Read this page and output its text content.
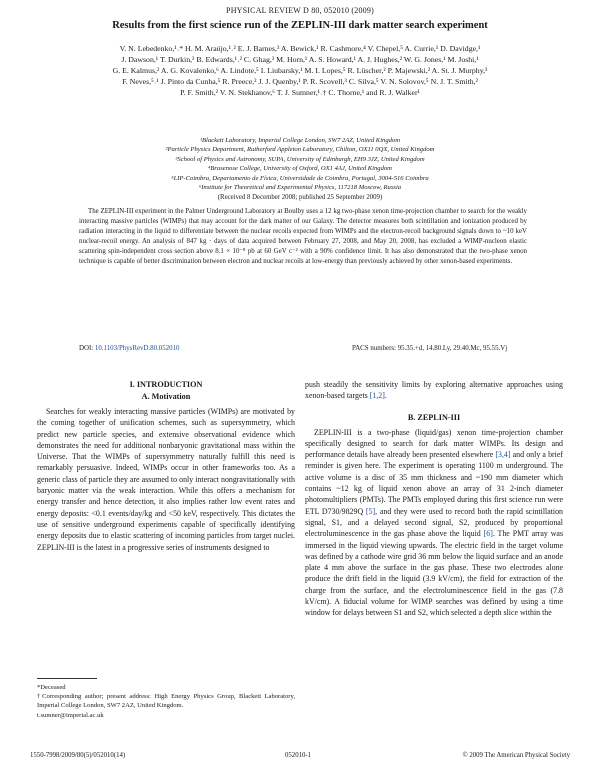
PHYSICAL REVIEW D 80, 052010 (2009)
Results from the first science run of the ZEPLIN-III dark matter search experiment
V. N. Lebedenko,¹˒* H. M. Araújo,¹˒² E. J. Barnes,³ A. Bewick,¹ R. Cashmore,⁴ V. Chepel,⁵ A. Currie,¹ D. Davidge,¹
J. Dawson,¹ T. Durkin,² B. Edwards,¹˒² C. Ghag,³ M. Horn,¹ A. S. Howard,¹ A. J. Hughes,² W. G. Jones,¹ M. Joshi,¹
G. E. Kalmus,² A. G. Kovalenko,⁶ A. Lindote,⁵ I. Liubarsky,¹ M. I. Lopes,⁵ R. Lüscher,² P. Majewski,² A. St. J. Murphy,³
F. Neves,⁵˒¹ J. Pinto da Cunha,⁵ R. Preece,² J. J. Quenby,¹ P. R. Scovell,³ C. Silva,⁵ V. N. Solovov,⁵ N. J. T. Smith,²
P. F. Smith,² V. N. Stekhanov,⁶ T. J. Sumner,¹˒† C. Thorne,¹ and R. J. Walker¹
¹Blackett Laboratory, Imperial College London, SW7 2AZ, United Kingdom
²Particle Physics Department, Rutherford Appleton Laboratory, Chilton, OX11 0QX, United Kingdom
³School of Physics and Astronomy, SUPA, University of Edinburgh, EH9 3JZ, United Kingdom
⁴Brasenose College, University of Oxford, OX1 4AJ, United Kingdom
⁵LIP-Coimbra, Departamento de Física, Universidade de Coimbra, Portugal, 3004-516 Coimbra
⁶Institute for Theoretical and Experimental Physics, 117218 Moscow, Russia
(Received 8 December 2008; published 25 September 2009)

The ZEPLIN-III experiment in the Palmer Underground Laboratory at Boulby uses a 12 kg two-phase xenon time-projection chamber to search for the weakly interacting massive particles (WIMPs) that may account for the dark matter of our Galaxy. The detector measures both scintillation and ionization produced by radiation interacting in the liquid to differentiate between the nuclear recoils expected from WIMPs and the electron-recoil background signals down to ~10 keV nuclear-recoil energy. An analysis of 847 kg · days of data acquired between February 27, 2008, and May 20, 2008, has excluded a WIMP-nucleon elastic scattering spin-independent cross section above 8.1 × 10⁻⁸ pb at 60 GeV c⁻² with a 90% confidence limit. It has also demonstrated that the two-phase xenon technique is capable of better discrimination between electron and nuclear recoils at low-energy than previously achieved by other xenon-based experiments.

DOI: 10.1103/PhysRevD.80.052010	PACS numbers: 95.35.+d, 14.80.Ly, 29.40.Mc, 95.55.Vj
I. INTRODUCTION
A. Motivation

Searches for weakly interacting massive particles (WIMPs) are motivated by the coming together of unification schemes, such as supersymmetry, which predict new particle species, and extensive observational evidence which demonstrates the need for additional nonbaryonic gravitational mass within the Universe. That the WIMPs of supersymmetry naturally fulfill this need is remarkably persuasive. Indeed, WIMPs occur in other frameworks too. As a generic class of particle they are assumed to only interact nongravitationally with baryonic matter via the weak interaction. While this offers a mechanism for energy transfer and hence detection, it also implies rather low event rates and energy deposits: <0.1 events/day/kg and <50 keV, respectively. This dictates the use of sensitive underground experiments capable of specifically identifying energy deposits due to elastic scattering of incoming particles from target nuclei. ZEPLIN-III is the latest in a progressive series of instruments designed to

push steadily the sensitivity limits by exploring alternative approaches using xenon-based targets [1,2].

B. ZEPLIN-III

ZEPLIN-III is a two-phase (liquid/gas) xenon time-projection chamber specifically designed to search for dark matter WIMPs. Its design and performance details have already been presented elsewhere [3,4] and only a brief reminder is given here. The experiment is operating 1100 m underground. The active volume is a disc of 35 mm thickness and ~190 mm diameter which contains ~12 kg of liquid xenon above an array of 31 2-inch diameter photomultipliers (PMTs). The PMTs employed during this first science run were ETL D730/9829Q [5], and they were used to record both the rapid scintillation signal, S1, and a delayed second signal, S2, produced by proportional electroluminescence in the gas phase above the liquid [6]. The PMT array was immersed in the liquid viewing upwards. The electric field in the target volume was defined by a cathode wire grid 36 mm below the liquid surface and an anode plate 4 mm above the surface in the gas phase. These two electrodes alone produce the drift field in the liquid (3.9 kV/cm), the field for extraction of the charge from the surface, and the electroluminescence field in the gas (7.8 kV/cm). A fiducial volume for WIMP searches was defined by using a time window for delays between S1 and S2, which selected a depth slice within the

*Deceased
†Corresponding author; present address: High Energy Physics Group, Blackett Laboratory, Imperial College London, SW7 2AZ, United Kingdom.
t.sumner@imperial.ac.uk
1550-7998/2009/80(5)/052010(14)	052010-1	© 2009 The American Physical Society
